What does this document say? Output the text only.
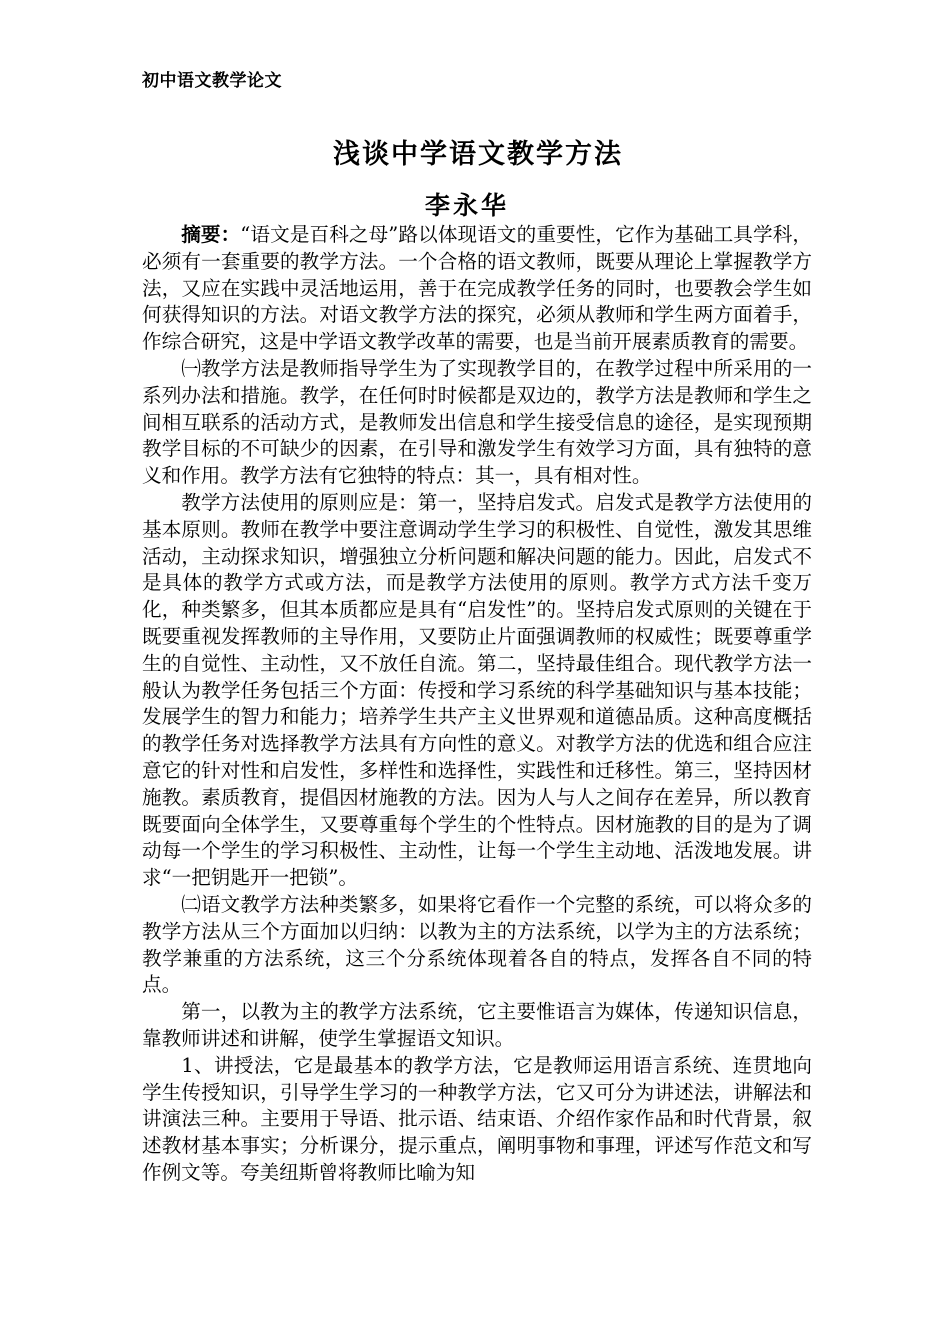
初中语文教学论文
浅谈中学语文教学方法
李永华

摘要：“语文是百科之母”路以体现语文的重要性，它作为基础工具学科，必须有一套重要的教学方法。一个合格的语文教师，既要从理论上掌握教学方法，又应在实践中灵活地运用，善于在完成教学任务的同时，也要教会学生如何获得知识的方法。对语文教学方法的探究，必须从教师和学生两方面着手，作综合研究，这是中学语文教学改革的需要，也是当前开展素质教育的需要。

㈠教学方法是教师指导学生为了实现教学目的，在教学过程中所采用的一系列办法和措施。教学，在任何时时候都是双边的，教学方法是教师和学生之间相互联系的活动方式，是教师发出信息和学生接受信息的途径，是实现预期教学目标的不可缺少的因素，在引导和激发学生有效学习方面，具有独特的意义和作用。教学方法有它独特的特点：其一，具有相对性。

教学方法使用的原则应是：第一，坚持启发式。启发式是教学方法使用的基本原则。教师在教学中要注意调动学生学习的积极性、自觉性，激发其思维活动，主动探求知识，增强独立分析问题和解决问题的能力。因此，启发式不是具体的教学方式或方法，而是教学方法使用的原则。教学方式方法千变万化，种类繁多，但其本质都应是具有“启发性”的。坚持启发式原则的关键在于既要重视发挥教师的主导作用，又要防止片面强调教师的权威性；既要尊重学生的自觉性、主动性，又不放任自流。第二，坚持最佳组合。现代教学方法一般认为教学任务包括三个方面：传授和学习系统的科学基础知识与基本技能；发展学生的智力和能力；培养学生共产主义世界观和道德品质。这种高度概括的教学任务对选择教学方法具有方向性的意义。对教学方法的优选和组合应注意它的针对性和启发性，多样性和选择性，实践性和迁移性。第三，坚持因材施教。素质教育，提倡因材施教的方法。因为人与人之间存在差异，所以教育既要面向全体学生，又要尊重每个学生的个性特点。因材施教的目的是为了调动每一个学生的学习积极性、主动性，让每一个学生主动地、活泼地发展。讲求“一把钥匙开一把锁”。

㈡语文教学方法种类繁多，如果将它看作一个完整的系统，可以将众多的教学方法从三个方面加以归纳：以教为主的方法系统，以学为主的方法系统；教学兼重的方法系统，这三个分系统体现着各自的特点，发挥各自不同的特点。

第一，以教为主的教学方法系统，它主要惟语言为媒体，传递知识信息，靠教师讲述和讲解，使学生掌握语文知识。

1、讲授法，它是最基本的教学方法，它是教师运用语言系统、连贯地向学生传授知识，引导学生学习的一种教学方法，它又可分为讲述法，讲解法和讲演法三种。主要用于导语、批示语、结束语、介绍作家作品和时代背景，叙述教材基本事实；分析课分，提示重点，阐明事物和事理，评述写作范文和写作例文等。夸美纽斯曾将教师比喻为知
